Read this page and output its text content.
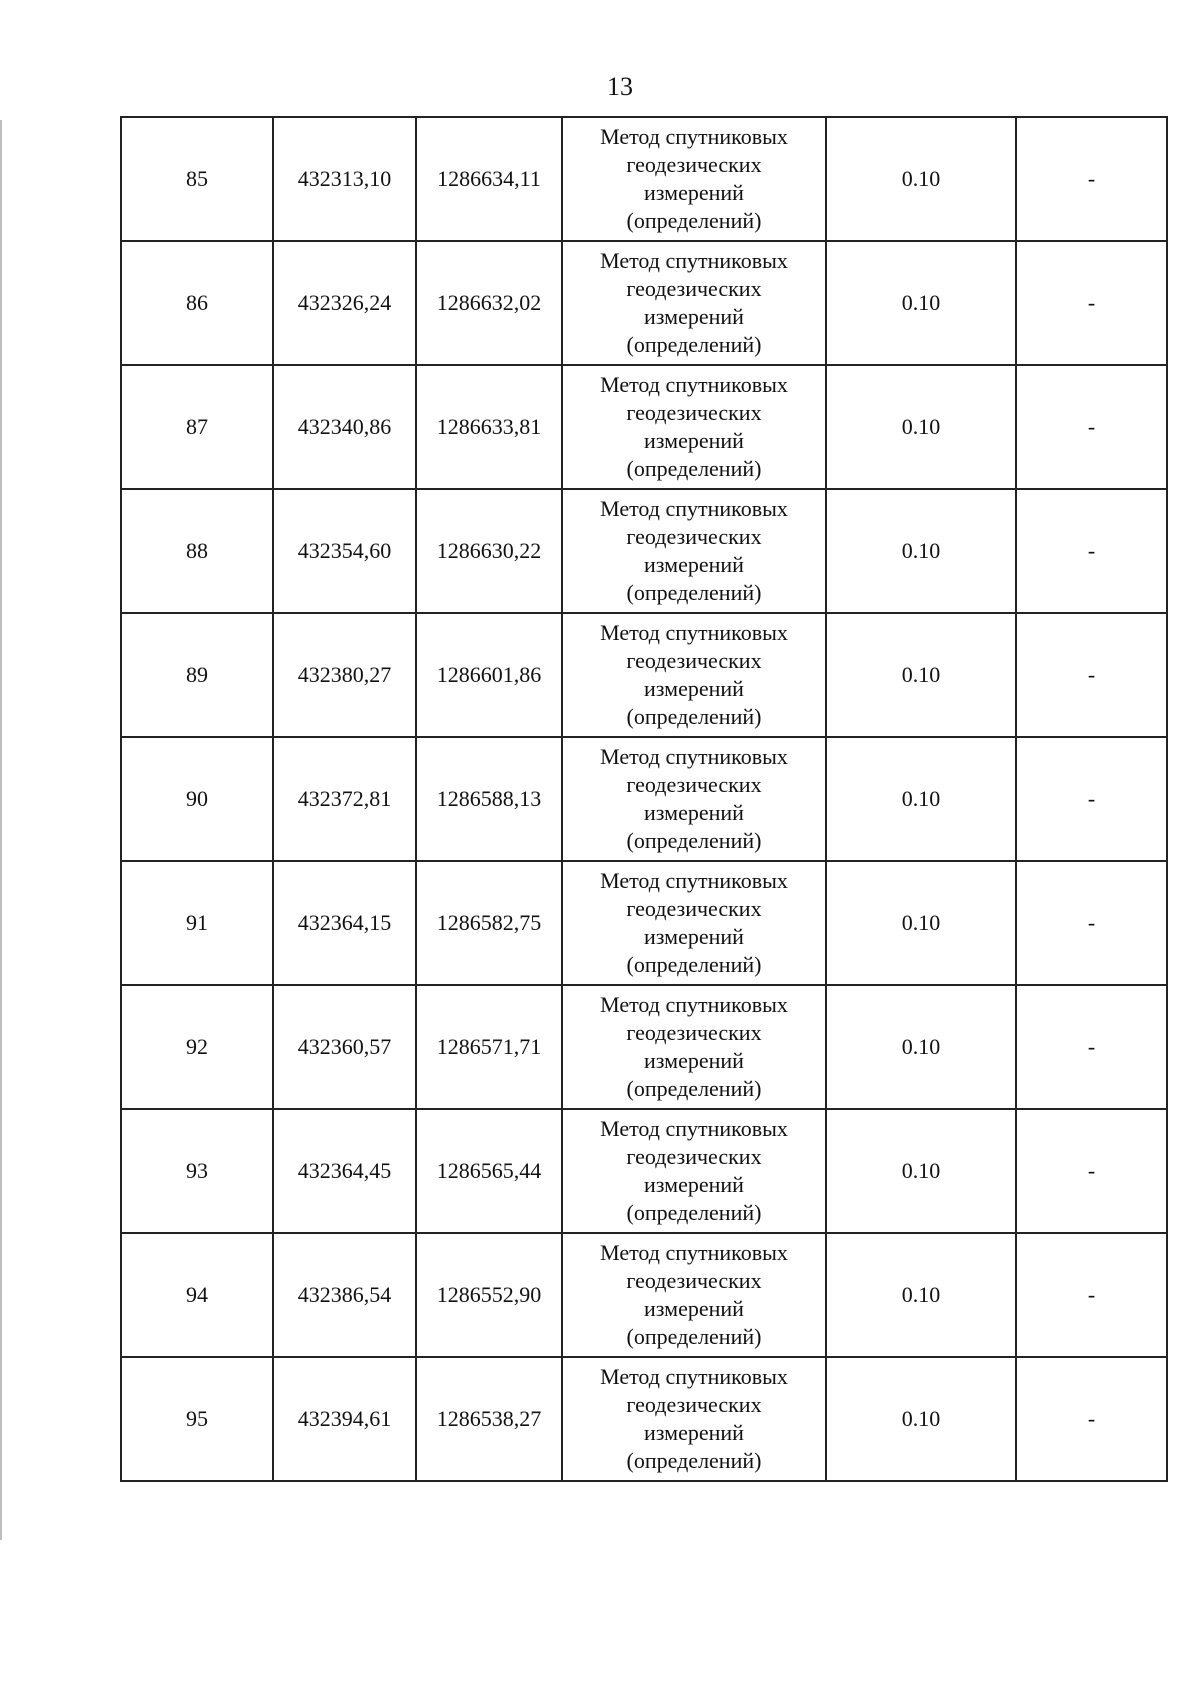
13
85	432313,10	1286634,11	Метод спутниковых
геодезических
измерений
(определений)	0.10	-
86	432326,24	1286632,02	Метод спутниковых
геодезических
измерений
(определений)	0.10	-
87	432340,86	1286633,81	Метод спутниковых
геодезических
измерений
(определений)	0.10	-
88	432354,60	1286630,22	Метод спутниковых
геодезических
измерений
(определений)	0.10	-
89	432380,27	1286601,86	Метод спутниковых
геодезических
измерений
(определений)	0.10	-
90	432372,81	1286588,13	Метод спутниковых
геодезических
измерений
(определений)	0.10	-
91	432364,15	1286582,75	Метод спутниковых
геодезических
измерений
(определений)	0.10	-
92	432360,57	1286571,71	Метод спутниковых
геодезических
измерений
(определений)	0.10	-
93	432364,45	1286565,44	Метод спутниковых
геодезических
измерений
(определений)	0.10	-
94	432386,54	1286552,90	Метод спутниковых
геодезических
измерений
(определений)	0.10	-
95	432394,61	1286538,27	Метод спутниковых
геодезических
измерений
(определений)	0.10	-
